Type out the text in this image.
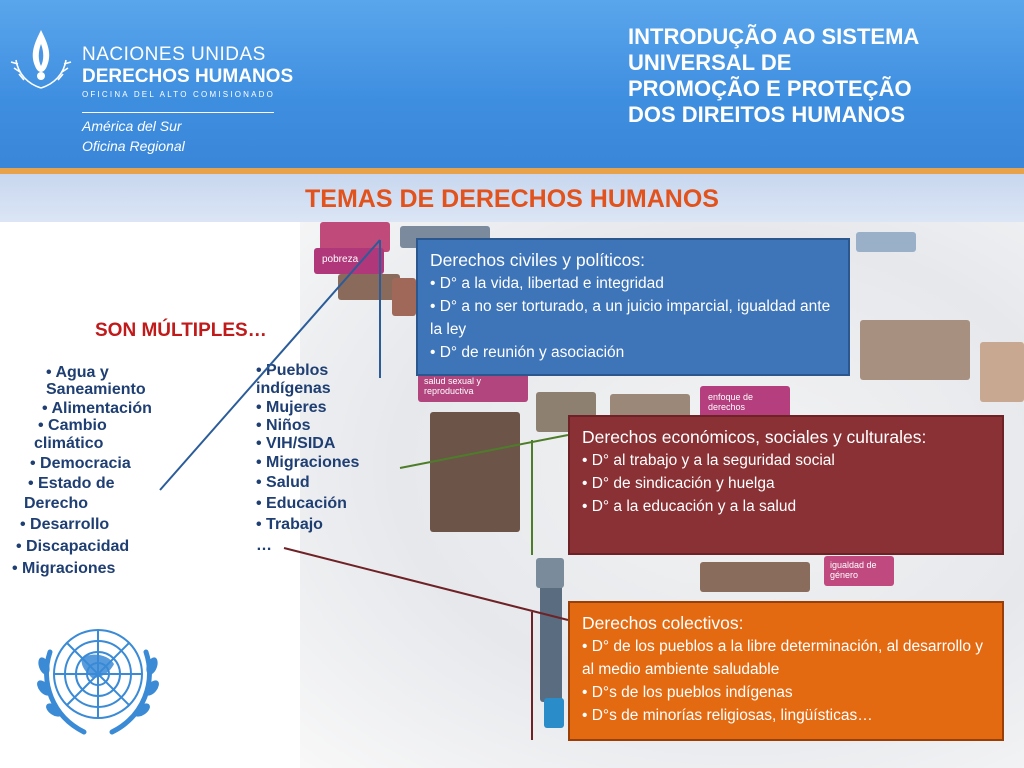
NACIONES UNIDAS
DERECHOS HUMANOS
OFICINA DEL ALTO COMISIONADO
América del Sur
Oficina Regional
INTRODUÇÃO AO SISTEMA
UNIVERSAL DE
PROMOÇÃO E PROTEÇÃO
DOS DIREITOS HUMANOS
TEMAS DE DERECHOS HUMANOS
pobreza
salud sexual y reproductiva
enfoque de derechos
igualdad de género
SON MÚLTIPLES…
• Agua y
Saneamiento
• Alimentación
• Cambio
climático
• Democracia
• Estado de
Derecho
• Desarrollo
• Discapacidad
• Migraciones
• Pueblos
indígenas
• Mujeres
• Niños
• VIH/SIDA
• Migraciones
• Salud
• Educación
• Trabajo
…
Derechos civiles y políticos:
• D° a la vida, libertad e integridad
• D° a no ser torturado, a un juicio imparcial, igualdad ante la ley
• D° de reunión y asociación
Derechos económicos, sociales y culturales:
• D° al trabajo y a la seguridad social
• D° de sindicación y huelga
• D° a la educación y a la salud
Derechos colectivos:
• D° de los pueblos a la libre determinación, al desarrollo y al medio ambiente saludable
• D°s de los pueblos indígenas
• D°s de minorías religiosas, lingüísticas…
